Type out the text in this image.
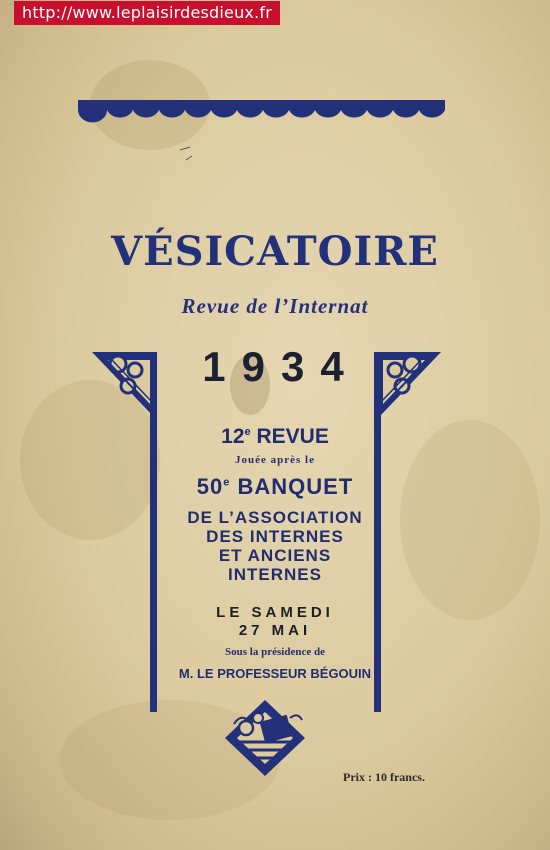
VÉSICATOIRE
Revue de l’Internat
1934
12e REVUE
Jouée après le
50e BANQUET
DE L’ASSOCIATION
DES INTERNES
ET ANCIENS
INTERNES
LE SAMEDI
27 MAI
Sous la présidence de
M. LE PROFESSEUR BÉGOUIN
Prix : 10 francs.
http://www.leplaisirdesdieux.fr
